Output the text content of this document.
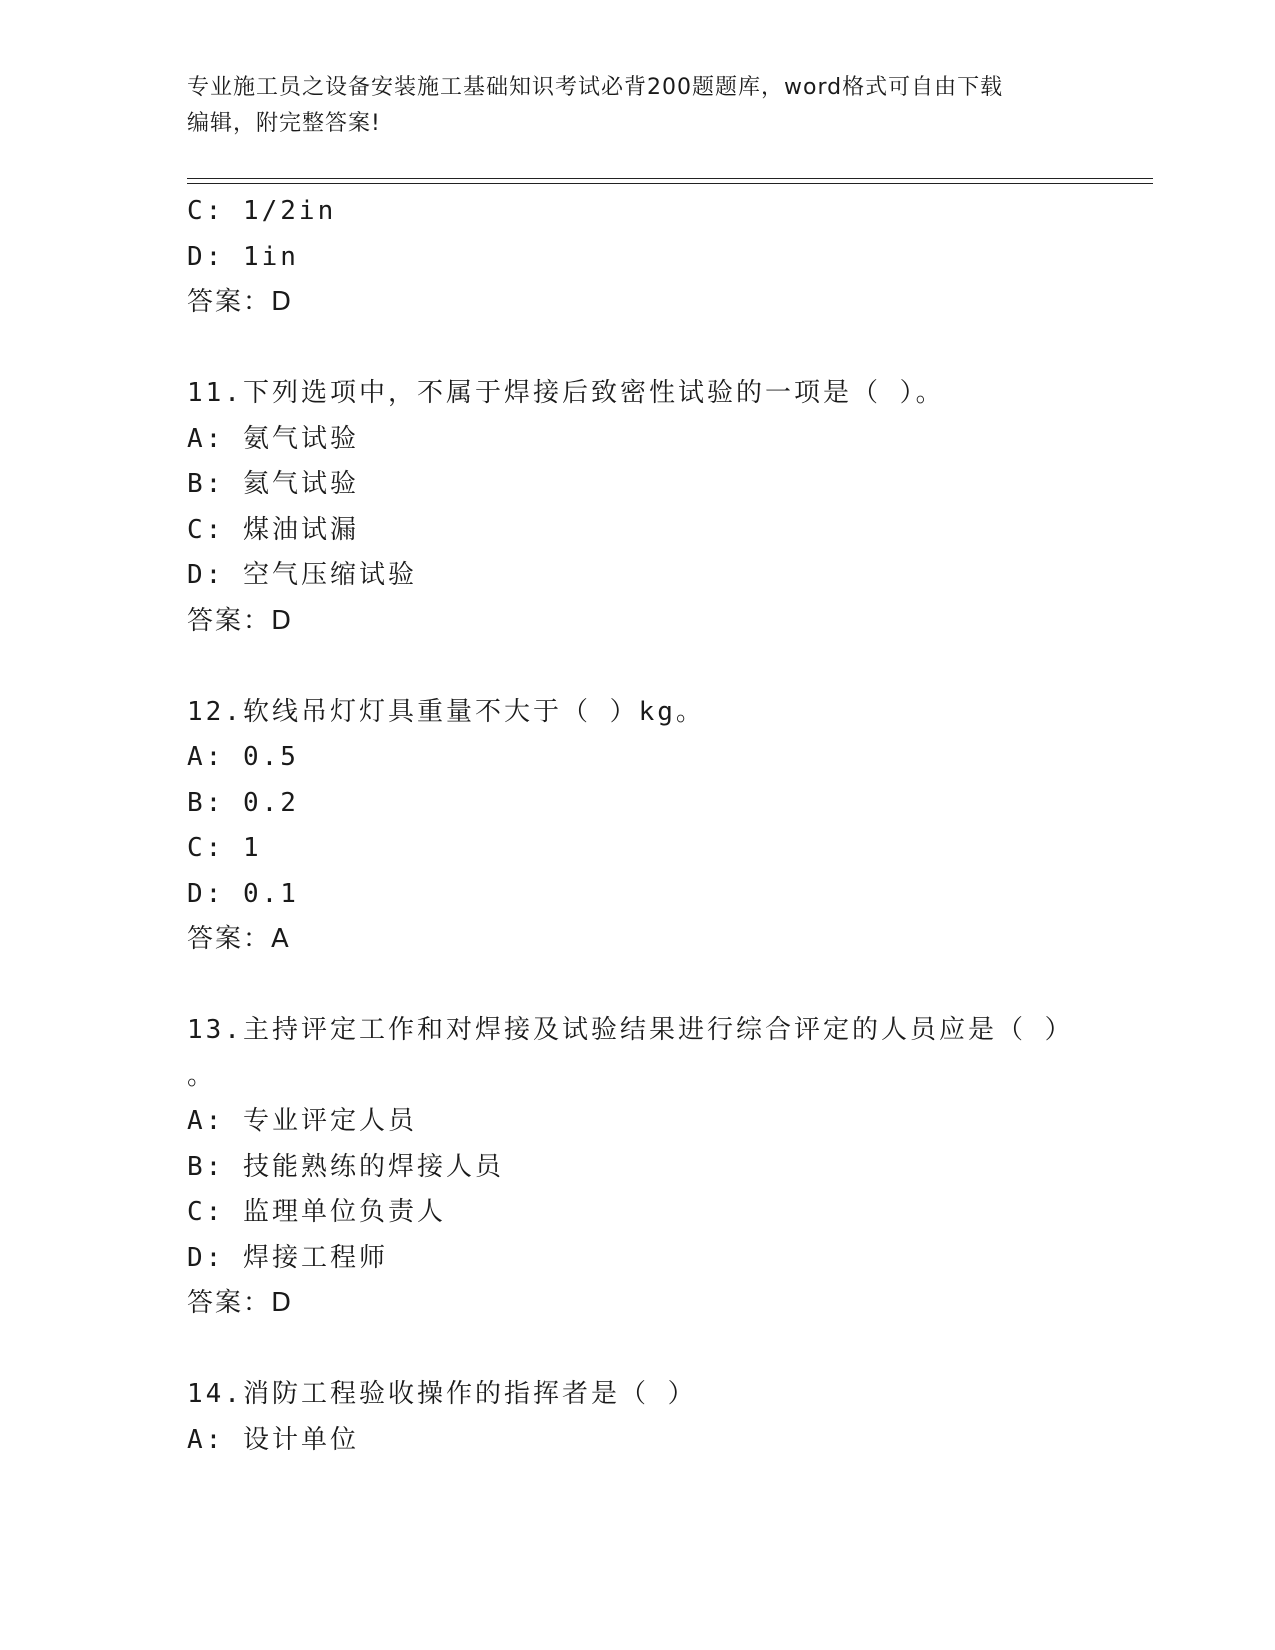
专业施工员之设备安装施工基础知识考试必背200题题库，word格式可自由下载
编辑，附完整答案!
C: 1/2in
D: 1in
答案：D
11.下列选项中，不属于焊接后致密性试验的一项是（ ）。
A: 氨气试验
B: 氦气试验
C: 煤油试漏
D: 空气压缩试验
答案：D
12.软线吊灯灯具重量不大于（ ）kg。
A: 0.5
B: 0.2
C: 1
D: 0.1
答案：A
13.主持评定工作和对焊接及试验结果进行综合评定的人员应是（ ）
。
A: 专业评定人员
B: 技能熟练的焊接人员
C: 监理单位负责人
D: 焊接工程师
答案：D
14.消防工程验收操作的指挥者是（ ）
A: 设计单位
